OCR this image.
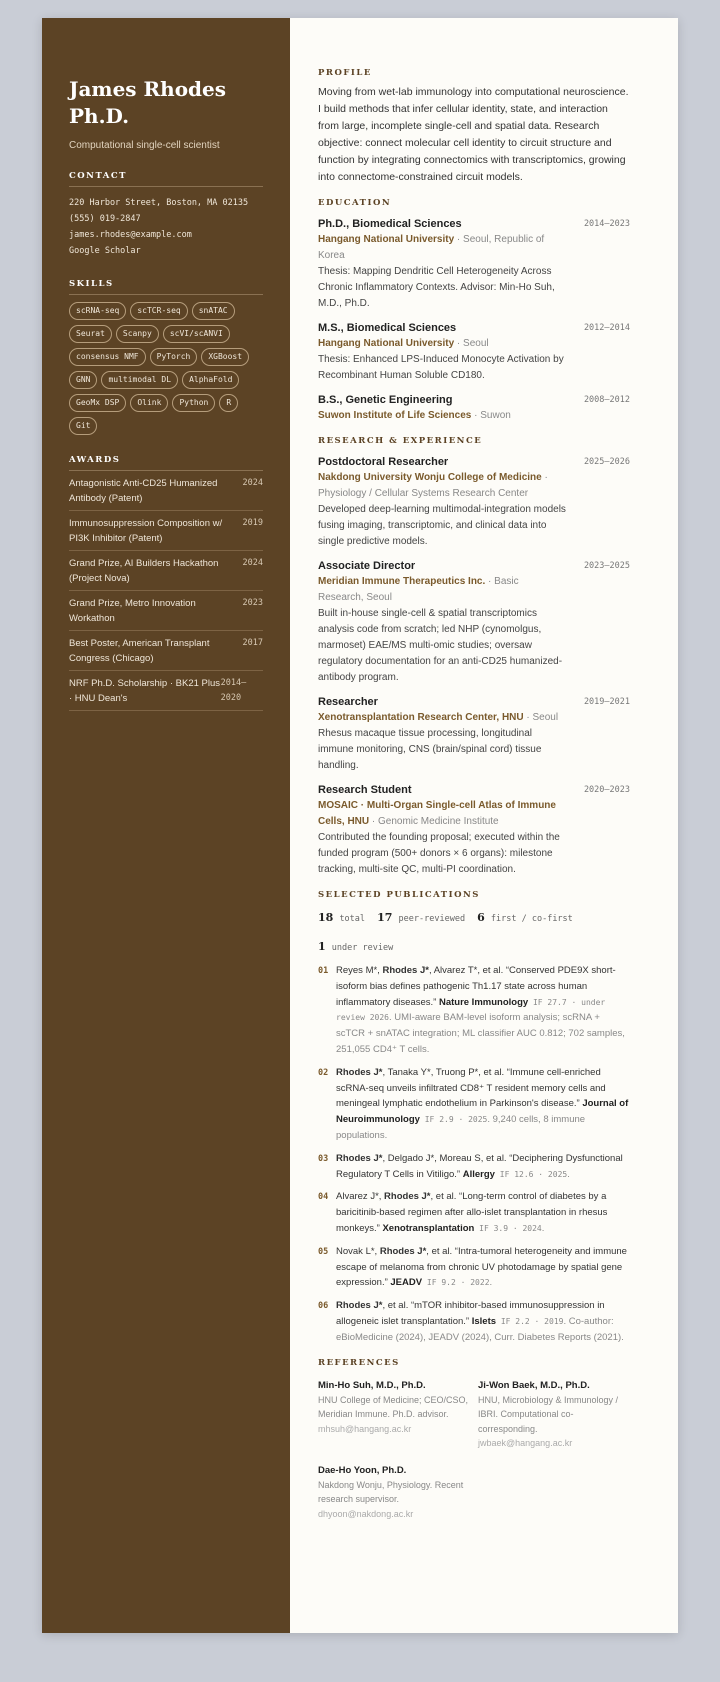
James Rhodes
Ph.D.
Computational single-cell scientist
CONTACT
220 Harbor Street, Boston, MA 02135
(555) 019-2847
james.rhodes@example.com
Google Scholar
SKILLS
scRNA-seq	scTCR-seq	snATAC
Seurat	Scanpy	scVI/scANVI
consensus NMF	PyTorch	XGBoost
GNN	multimodal DL	AlphaFold
GeoMx DSP	Olink	Python	R
Git
AWARDS
Antagonistic Anti-CD25 Humanized Antibody (Patent)
2024
Immunosuppression Composition w/ PI3K Inhibitor (Patent)
2019
Grand Prize, AI Builders Hackathon (Project Nova)
2024
Grand Prize, Metro Innovation Workathon
2023
Best Poster, American Transplant Congress (Chicago)
2017
NRF Ph.D. Scholarship · BK21 Plus · HNU Dean's
2014–2020
PROFILE
Moving from wet-lab immunology into computational neuroscience. I build methods that infer cellular identity, state, and interaction from large, incomplete single-cell and spatial data. Research objective: connect molecular cell identity to circuit structure and function by integrating connectomics with transcriptomics, growing into connectome-constrained circuit models.
EDUCATION
Ph.D., Biomedical Sciences	2014–2023
Hangang National University · Seoul, Republic of Korea
Thesis: Mapping Dendritic Cell Heterogeneity Across Chronic Inflammatory Contexts. Advisor: Min-Ho Suh, M.D., Ph.D.
M.S., Biomedical Sciences	2012–2014
Hangang National University · Seoul
Thesis: Enhanced LPS-Induced Monocyte Activation by Recombinant Human Soluble CD180.
B.S., Genetic Engineering	2008–2012
Suwon Institute of Life Sciences · Suwon
RESEARCH & EXPERIENCE
Postdoctoral Researcher	2025–2026
Nakdong University Wonju College of Medicine · Physiology / Cellular Systems Research Center
Developed deep-learning multimodal-integration models fusing imaging, transcriptomic, and clinical data into single predictive models.
Associate Director	2023–2025
Meridian Immune Therapeutics Inc. · Basic Research, Seoul
Built in-house single-cell & spatial transcriptomics analysis code from scratch; led NHP (cynomolgus, marmoset) EAE/MS multi-omic studies; oversaw regulatory documentation for an anti-CD25 humanized-antibody program.
Researcher	2019–2021
Xenotransplantation Research Center, HNU · Seoul
Rhesus macaque tissue processing, longitudinal immune monitoring, CNS (brain/spinal cord) tissue handling.
Research Student	2020–2023
MOSAIC · Multi-Organ Single-cell Atlas of Immune Cells, HNU · Genomic Medicine Institute
Contributed the founding proposal; executed within the funded program (500+ donors × 6 organs): milestone tracking, multi-site QC, multi-PI coordination.
SELECTED PUBLICATIONS
18 total 17 peer-reviewed 6 first / co-first
1 under review
01 Reyes M*, Rhodes J*, Alvarez T*, et al. “Conserved PDE9X short-isoform bias defines pathogenic Th1.17 state across human inflammatory diseases.” Nature Immunology IF 27.7 · under review 2026. UMI-aware BAM-level isoform analysis; scRNA + scTCR + snATAC integration; ML classifier AUC 0.812; 702 samples, 251,055 CD4⁺ T cells.
02 Rhodes J*, Tanaka Y*, Truong P*, et al. “Immune cell-enriched scRNA-seq unveils infiltrated CD8⁺ T resident memory cells and meningeal lymphatic endothelium in Parkinson's disease.” Journal of Neuroimmunology IF 2.9 · 2025. 9,240 cells, 8 immune populations.
03 Rhodes J*, Delgado J*, Moreau S, et al. “Deciphering Dysfunctional Regulatory T Cells in Vitiligo.” Allergy IF 12.6 · 2025.
04 Alvarez J*, Rhodes J*, et al. “Long-term control of diabetes by a baricitinib-based regimen after allo-islet transplantation in rhesus monkeys.” Xenotransplantation IF 3.9 · 2024.
05 Novak L*, Rhodes J*, et al. “Intra-tumoral heterogeneity and immune escape of melanoma from chronic UV photodamage by spatial gene expression.” JEADV IF 9.2 · 2022.
06 Rhodes J*, et al. “mTOR inhibitor-based immunosuppression in allogeneic islet transplantation.” Islets IF 2.2 · 2019. Co-author: eBioMedicine (2024), JEADV (2024), Curr. Diabetes Reports (2021).
REFERENCES
Min-Ho Suh, M.D., Ph.D.
HNU College of Medicine; CEO/CSO, Meridian Immune. Ph.D. advisor.
mhsuh@hangang.ac.kr
Ji-Won Baek, M.D., Ph.D.
HNU, Microbiology & Immunology / IBRI. Computational co-corresponding.
jwbaek@hangang.ac.kr
Dae-Ho Yoon, Ph.D.
Nakdong Wonju, Physiology. Recent research supervisor.
dhyoon@nakdong.ac.kr
